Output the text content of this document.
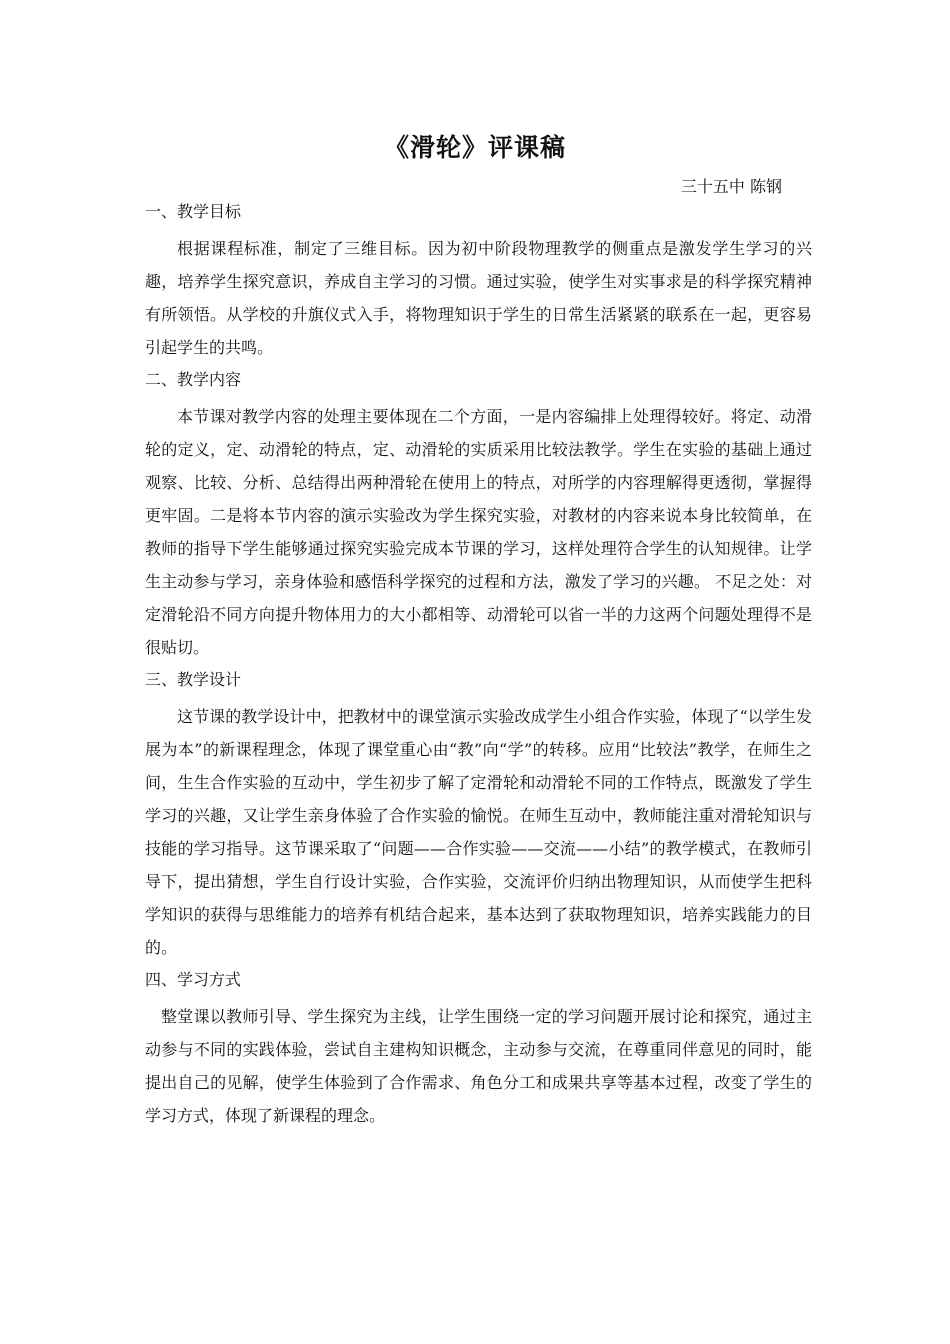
《滑轮》评课稿
三十五中 陈钢
一、教学目标
根据课程标准，制定了三维目标。因为初中阶段物理教学的侧重点是激发学生学习的兴趣，培养学生探究意识，养成自主学习的习惯。通过实验，使学生对实事求是的科学探究精神有所领悟。从学校的升旗仪式入手，将物理知识于学生的日常生活紧紧的联系在一起，更容易引起学生的共鸣。
二、教学内容
本节课对教学内容的处理主要体现在二个方面，一是内容编排上处理得较好。将定、动滑轮的定义，定、动滑轮的特点，定、动滑轮的实质采用比较法教学。学生在实验的基础上通过观察、比较、分析、总结得出两种滑轮在使用上的特点，对所学的内容理解得更透彻，掌握得更牢固。二是将本节内容的演示实验改为学生探究实验，对教材的内容来说本身比较简单，在教师的指导下学生能够通过探究实验完成本节课的学习，这样处理符合学生的认知规律。让学生主动参与学习，亲身体验和感悟科学探究的过程和方法，激发了学习的兴趣。 不足之处：对定滑轮沿不同方向提升物体用力的大小都相等、动滑轮可以省一半的力这两个问题处理得不是很贴切。
三、教学设计
这节课的教学设计中，把教材中的课堂演示实验改成学生小组合作实验，体现了“以学生发展为本”的新课程理念，体现了课堂重心由“教”向“学”的转移。应用“比较法”教学，在师生之间，生生合作实验的互动中，学生初步了解了定滑轮和动滑轮不同的工作特点，既激发了学生学习的兴趣，又让学生亲身体验了合作实验的愉悦。在师生互动中，教师能注重对滑轮知识与技能的学习指导。这节课采取了“问题——合作实验——交流——小结”的教学模式，在教师引导下，提出猜想，学生自行设计实验，合作实验，交流评价归纳出物理知识，从而使学生把科学知识的获得与思维能力的培养有机结合起来，基本达到了获取物理知识，培养实践能力的目的。
四、学习方式
整堂课以教师引导、学生探究为主线，让学生围绕一定的学习问题开展讨论和探究，通过主动参与不同的实践体验，尝试自主建构知识概念，主动参与交流，在尊重同伴意见的同时，能提出自己的见解，使学生体验到了合作需求、角色分工和成果共享等基本过程，改变了学生的学习方式，体现了新课程的理念。
